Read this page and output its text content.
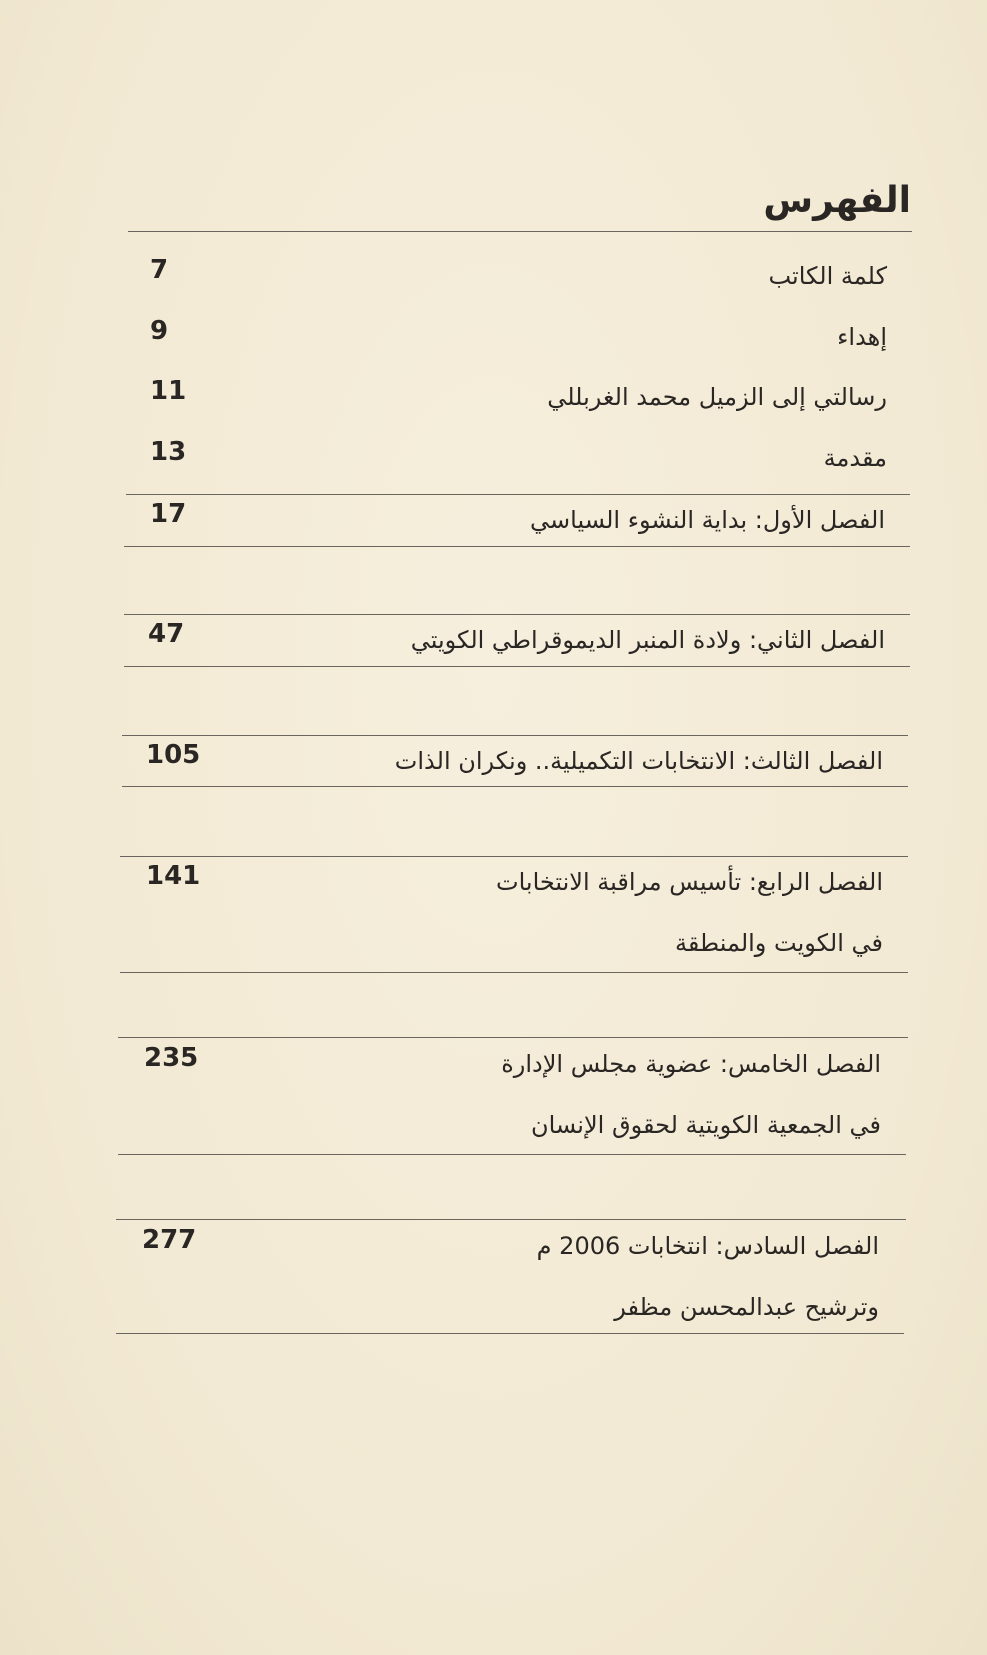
الفهرس
كلمة الكاتب
7
إهداء
9
رسالتي إلى الزميل محمد الغربللي
11
مقدمة
13
الفصل الأول: بداية النشوء السياسي
17
الفصل الثاني: ولادة المنبر الديموقراطي الكويتي
47
الفصل الثالث: الانتخابات التكميلية.. ونكران الذات
105
الفصل الرابع: تأسيس مراقبة الانتخابات
في الكويت والمنطقة
141
الفصل الخامس: عضوية مجلس الإدارة
في الجمعية الكويتية لحقوق الإنسان
235
الفصل السادس: انتخابات 2006 م
وترشيح عبدالمحسن مظفر
277
